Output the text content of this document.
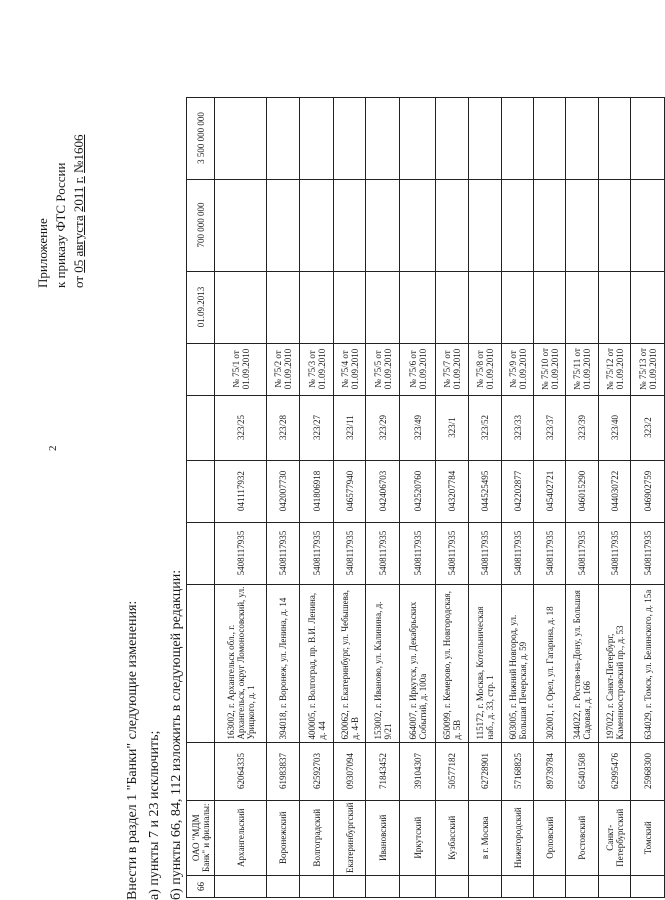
2
Приложение к приказу ФТС России от 05 августа 2011 г. №1606
Внести в раздел 1 "Банки" следующие изменения: а) пункты 7 и 23 исключить; б) пункты 66, 84, 112 изложить в следующей редакции:	66	ОАО "МДМ Банк" и филиалы:							01.09.2013	700 000 000	3 500 000 000
	Архангельский	62064335	163002, г. Архангельск обл., г. Архангельск, округ Ломоносовский, ул. Урицкого, д. 1	5408117935	041117932	323/25	№ 75/1 от 01.09.2010			
	Воронежский	61983837	394018, г. Воронеж, ул. Ленина, д. 14	5408117935	042007730	323/28	№ 75/2 от 01.09.2010			
	Волгоградский	62592703	400005, г. Волгоград, пр. В.И. Ленина, д. 44	5408117935	041806918	323/27	№ 75/3 от 01.09.2010			
	Екатеринбургский	09307094	620062, г. Екатеринбург, ул. Чебышева, д. 4-В	5408117935	046577940	323/11	№ 75/4 от 01.09.2010			
	Ивановский	71843452	153002, г. Иваново, ул. Калинина, д. 9/21	5408117935	042406703	323/29	№ 75/5 от 01.09.2010			
	Иркутский	39104307	664007, г. Иркутск, ул. Декабрьских Событий, д. 100а	5408117935	042520760	323/49	№ 75/6 от 01.09.2010			
	Кузбасский	50577182	650099, г. Кемерово, ул. Новгородская, д. 5В	5408117935	043207784	323/1	№ 75/7 от 01.09.2010			
	в г. Москва	62728901	115172, г. Москва, Котельническая наб., д. 33, стр. 1	5408117935	044525495	323/52	№ 75/8 от 01.09.2010			
	Нижегородский	57168825	603005, г. Нижний Новгород, ул. Большая Печерская, д. 59	5408117935	042202877	323/33	№ 75/9 от 01.09.2010			
	Орловский	89739784	302001, г. Орел, ул. Гагарина, д. 18	5408117935	045402721	323/37	№ 75/10 от 01.09.2010			
	Ростовский	65401508	344022, г. Ростов-на-Дону, ул. Большая Садовая, д. 166	5408117935	046015290	323/39	№ 75/11 от 01.09.2010			
	Санкт-Петербургский	62995476	197022, г. Санкт-Петербург, Каменноостровский пр., д. 53	5408117935	044030722	323/40	№ 75/12 от 01.09.2010			
	Томский	25968300	634029, г. Томск, ул. Белинского, д. 15а	5408117935	046902759	323/2	№ 75/13 от 01.09.2010			
